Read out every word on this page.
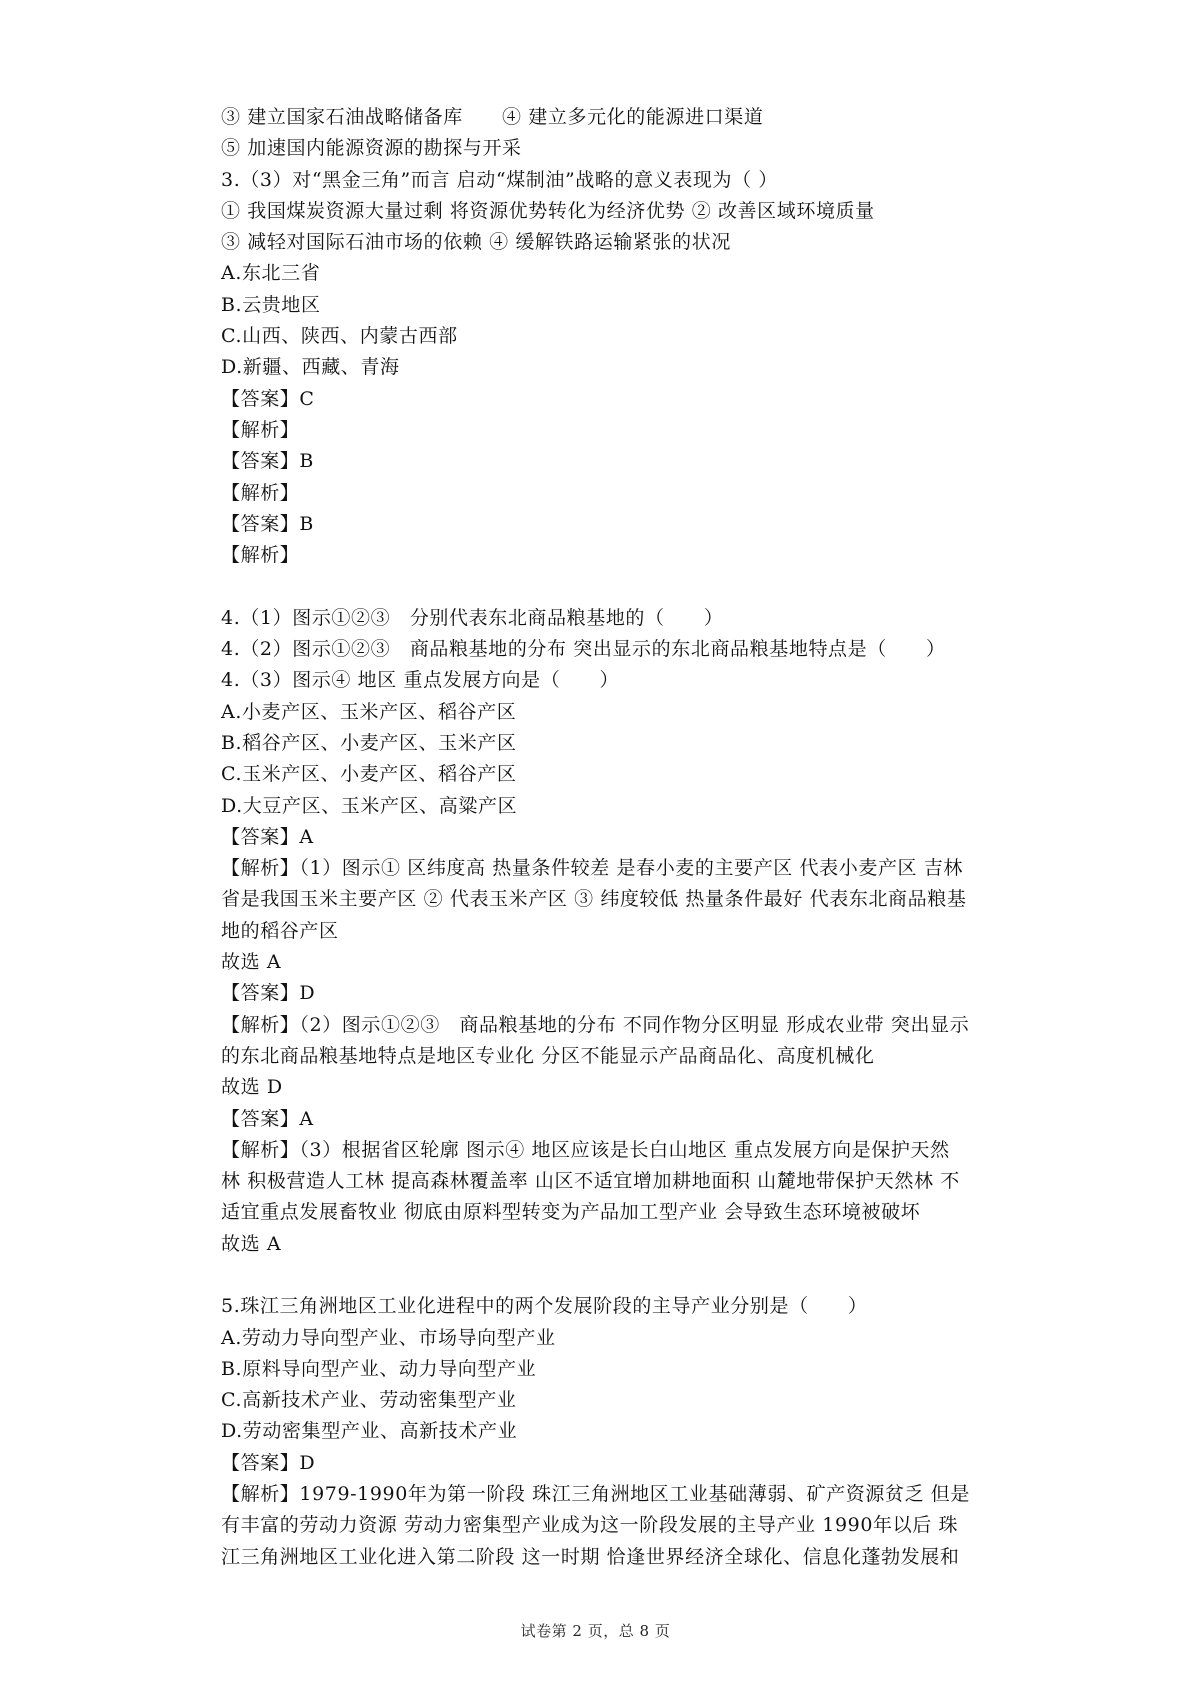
③ 建立国家石油战略储备库　　④ 建立多元化的能源进口渠道
⑤ 加速国内能源资源的勘探与开采
3.（3）对“黑金三角”而言 启动“煤制油”战略的意义表现为（ ）
① 我国煤炭资源大量过剩 将资源优势转化为经济优势 ② 改善区域环境质量
③ 减轻对国际石油市场的依赖 ④ 缓解铁路运输紧张的状况
A.东北三省
B.云贵地区
C.山西、陕西、内蒙古西部
D.新疆、西藏、青海
【答案】C
【解析】
【答案】B
【解析】
【答案】B
【解析】
4.（1）图示①②③　分别代表东北商品粮基地的（　　）
4.（2）图示①②③　商品粮基地的分布 突出显示的东北商品粮基地特点是（　　）
4.（3）图示④ 地区 重点发展方向是（　　）
A.小麦产区、玉米产区、稻谷产区
B.稻谷产区、小麦产区、玉米产区
C.玉米产区、小麦产区、稻谷产区
D.大豆产区、玉米产区、高粱产区
【答案】A
【解析】（1）图示① 区纬度高 热量条件较差 是春小麦的主要产区 代表小麦产区 吉林
省是我国玉米主要产区 ② 代表玉米产区 ③ 纬度较低 热量条件最好 代表东北商品粮基
地的稻谷产区
故选 A
【答案】D
【解析】（2）图示①②③　商品粮基地的分布 不同作物分区明显 形成农业带 突出显示
的东北商品粮基地特点是地区专业化 分区不能显示产品商品化、高度机械化
故选 D
【答案】A
【解析】（3）根据省区轮廓 图示④ 地区应该是长白山地区 重点发展方向是保护天然
林 积极营造人工林 提高森林覆盖率 山区不适宜增加耕地面积 山麓地带保护天然林 不
适宜重点发展畜牧业 彻底由原料型转变为产品加工型产业 会导致生态环境被破坏
故选 A
5.珠江三角洲地区工业化进程中的两个发展阶段的主导产业分别是（　　）
A.劳动力导向型产业、市场导向型产业
B.原料导向型产业、动力导向型产业
C.高新技术产业、劳动密集型产业
D.劳动密集型产业、高新技术产业
【答案】D
【解析】1979-1990年为第一阶段 珠江三角洲地区工业基础薄弱、矿产资源贫乏 但是
有丰富的劳动力资源 劳动力密集型产业成为这一阶段发展的主导产业 1990年以后 珠
江三角洲地区工业化进入第二阶段 这一时期 恰逢世界经济全球化、信息化蓬勃发展和
试卷第 2 页，总 8 页
